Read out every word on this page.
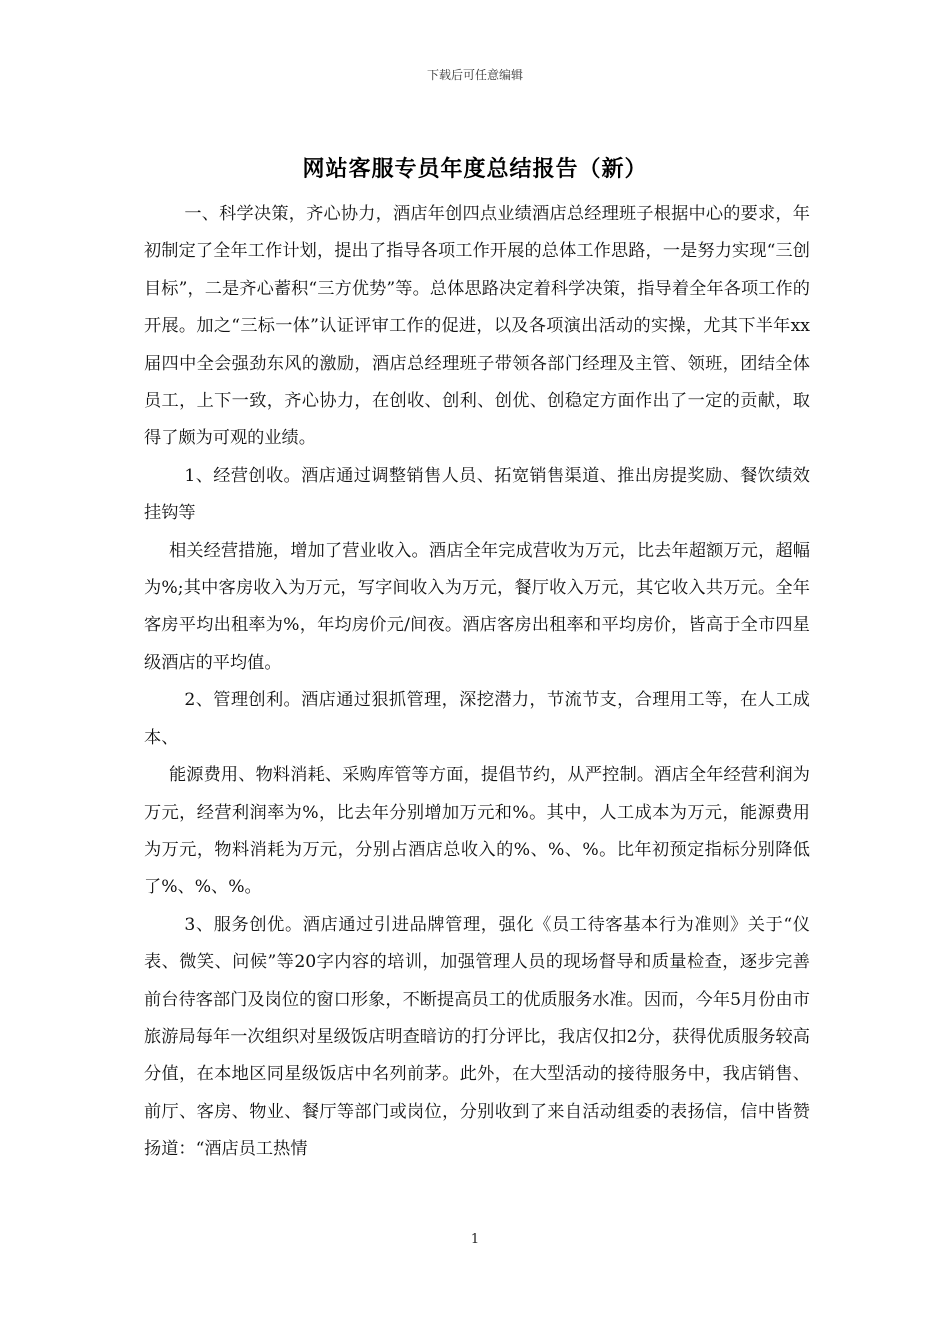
下载后可任意编辑
网站客服专员年度总结报告（新）

一、科学决策，齐心协力，酒店年创四点业绩酒店总经理班子根据中心的要求，年初制定了全年工作计划，提出了指导各项工作开展的总体工作思路，一是努力实现“三创目标”，二是齐心蓄积“三方优势”等。总体思路决定着科学决策，指导着全年各项工作的开展。加之“三标一体”认证评审工作的促进，以及各项演出活动的实操，尤其下半年xx届四中全会强劲东风的激励，酒店总经理班子带领各部门经理及主管、领班，团结全体员工，上下一致，齐心协力，在创收、创利、创优、创稳定方面作出了一定的贡献，取得了颇为可观的业绩。

1、经营创收。酒店通过调整销售人员、拓宽销售渠道、推出房提奖励、餐饮绩效挂钩等

相关经营措施，增加了营业收入。酒店全年完成营收为万元，比去年超额万元，超幅为%;其中客房收入为万元，写字间收入为万元，餐厅收入万元，其它收入共万元。全年客房平均出租率为%，年均房价元/间夜。酒店客房出租率和平均房价，皆高于全市四星级酒店的平均值。

2、管理创利。酒店通过狠抓管理，深挖潜力，节流节支，合理用工等，在人工成本、

能源费用、物料消耗、采购库管等方面，提倡节约，从严控制。酒店全年经营利润为万元，经营利润率为%，比去年分别增加万元和%。其中，人工成本为万元，能源费用为万元，物料消耗为万元，分别占酒店总收入的%、%、%。比年初预定指标分别降低了%、%、%。

3、服务创优。酒店通过引进品牌管理，强化《员工待客基本行为准则》关于“仪表、微笑、问候”等20字内容的培训，加强管理人员的现场督导和质量检查，逐步完善前台待客部门及岗位的窗口形象，不断提高员工的优质服务水准。因而，今年5月份由市旅游局每年一次组织对星级饭店明查暗访的打分评比，我店仅扣2分，获得优质服务较高分值，在本地区同星级饭店中名列前茅。此外，在大型活动的接待服务中，我店销售、前厅、客房、物业、餐厅等部门或岗位，分别收到了来自活动组委的表扬信，信中皆赞扬道：“酒店员工热情

1
